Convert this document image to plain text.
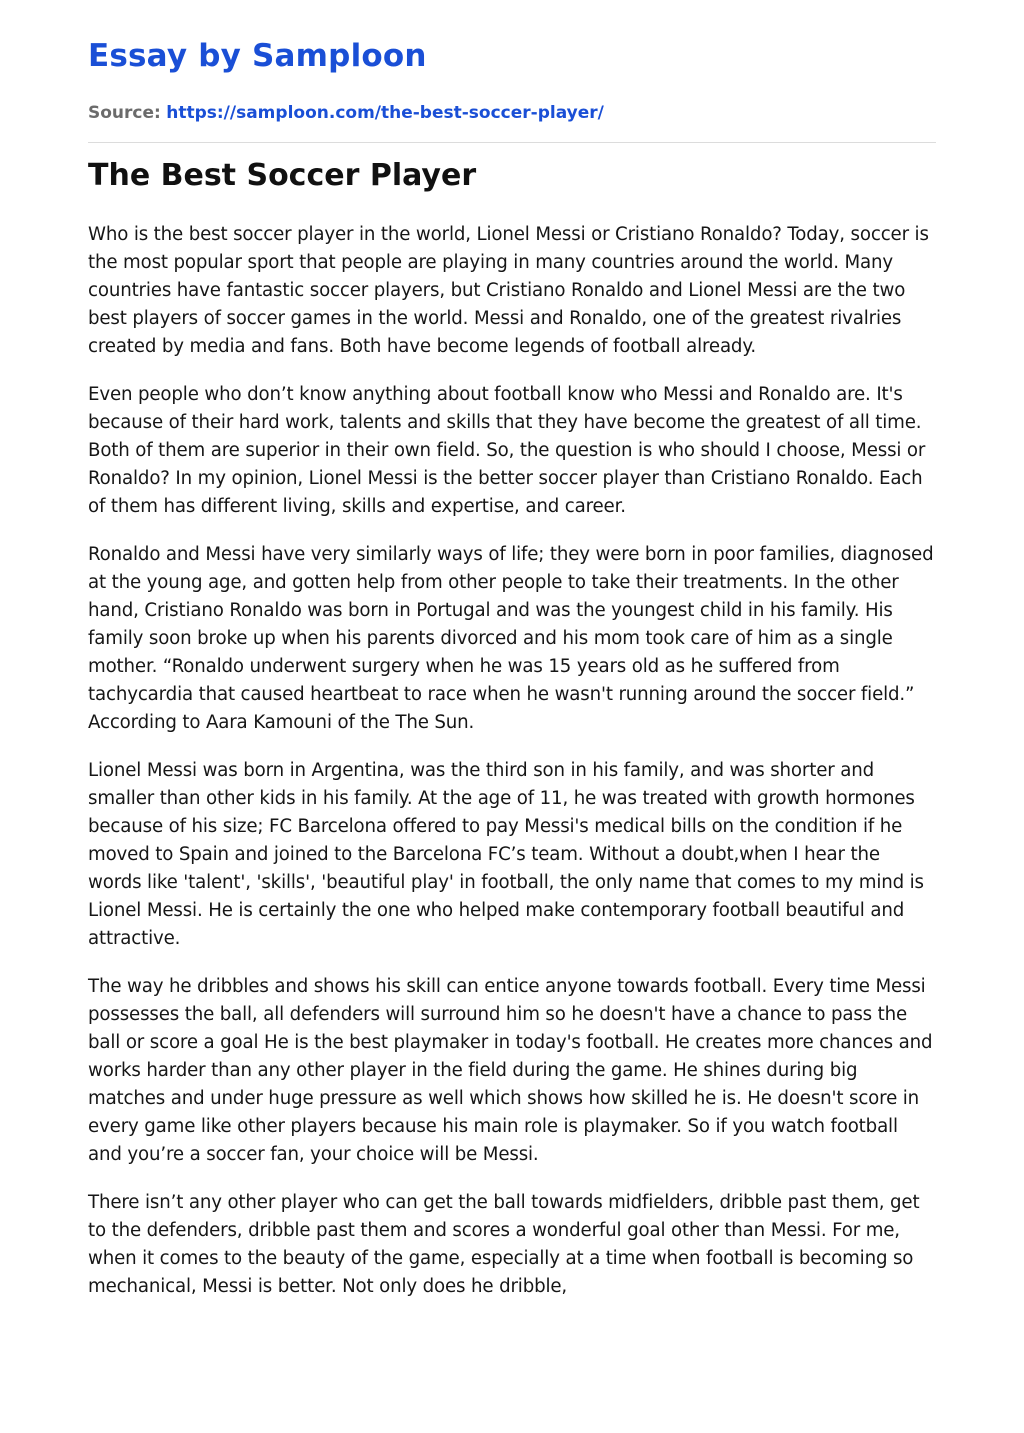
Essay by Samploon

Source: https://samploon.com/the-best-soccer-player/

The Best Soccer Player

Who is the best soccer player in the world, Lionel Messi or Cristiano Ronaldo? Today, soccer is the most popular sport that people are playing in many countries around the world. Many countries have fantastic soccer players, but Cristiano Ronaldo and Lionel Messi are the two best players of soccer games in the world. Messi and Ronaldo, one of the greatest rivalries created by media and fans. Both have become legends of football already.

Even people who don’t know anything about football know who Messi and Ronaldo are. It's because of their hard work, talents and skills that they have become the greatest of all time. Both of them are superior in their own field. So, the question is who should I choose, Messi or Ronaldo? In my opinion, Lionel Messi is the better soccer player than Cristiano Ronaldo. Each of them has different living, skills and expertise, and career.

Ronaldo and Messi have very similarly ways of life; they were born in poor families, diagnosed at the young age, and gotten help from other people to take their treatments. In the other hand, Cristiano Ronaldo was born in Portugal and was the youngest child in his family. His family soon broke up when his parents divorced and his mom took care of him as a single mother. “Ronaldo underwent surgery when he was 15 years old as he suffered from tachycardia that caused heartbeat to race when he wasn't running around the soccer field.” According to Aara Kamouni of the The Sun.

Lionel Messi was born in Argentina, was the third son in his family, and was shorter and smaller than other kids in his family. At the age of 11, he was treated with growth hormones because of his size; FC Barcelona offered to pay Messi's medical bills on the condition if he moved to Spain and joined to the Barcelona FC’s team. Without a doubt,when I hear the words like 'talent', 'skills', 'beautiful play' in football, the only name that comes to my mind is Lionel Messi. He is certainly the one who helped make contemporary football beautiful and attractive.

The way he dribbles and shows his skill can entice anyone towards football. Every time Messi possesses the ball, all defenders will surround him so he doesn't have a chance to pass the ball or score a goal He is the best playmaker in today's football. He creates more chances and works harder than any other player in the field during the game. He shines during big matches and under huge pressure as well which shows how skilled he is. He doesn't score in every game like other players because his main role is playmaker. So if you watch football and you’re a soccer fan, your choice will be Messi.

There isn’t any other player who can get the ball towards midfielders, dribble past them, get to the defenders, dribble past them and scores a wonderful goal other than Messi. For me, when it comes to the beauty of the game, especially at a time when football is becoming so mechanical, Messi is better. Not only does he dribble,
